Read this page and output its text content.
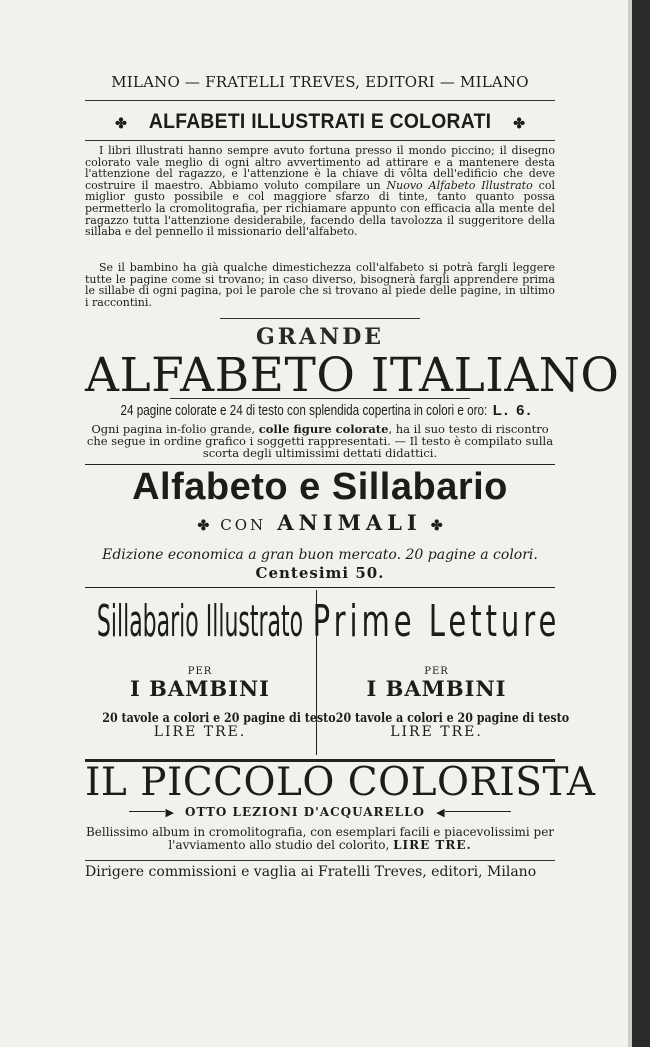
MILANO — FRATELLI TREVES, EDITORI — MILANO
✤ ALFABETI ILLUSTRATI E COLORATI ✤
I libri illustrati hanno sempre avuto fortuna presso il mondo piccino; il disegno colorato vale meglio di ogni altro avvertimento ad attirare e a mantenere desta l'attenzione del ragazzo, e l'attenzione è la chiave di vôlta dell'edificio che deve costruire il maestro. Abbiamo voluto compilare un Nuovo Alfabeto Illustrato col miglior gusto possibile e col maggiore sfarzo di tinte, tanto quanto possa permetterlo la cromolitografia, per richiamare appunto con efficacia alla mente del ragazzo tutta l'attenzione desiderabile, facendo della tavolozza il suggeritore della sillaba e del pennello il missionario dell'alfabeto.
Se il bambino ha già qualche dimestichezza coll'alfabeto si potrà fargli leggere tutte le pagine come si trovano; in caso diverso, bisognerà fargli apprendere prima le sillabe di ogni pagina, poi le parole che si trovano al piede delle pagine, in ultimo i raccontini.
GRANDE
ALFABETO ITALIANO
24 pagine colorate e 24 di testo con splendida copertina in colori e oro: L. 6.
Ogni pagina in-folio grande, colle figure colorate, ha il suo testo di riscontro che segue in ordine grafico i soggetti rappresentati. — Il testo è compilato sulla scorta degli ultimissimi dettati didattici.
Alfabeto e Sillabario
✤ CON ANIMALI ✤
Edizione economica a gran buon mercato. 20 pagine a colori.
Centesimi 50.
Sillabario Illustrato
PER
I BAMBINI
20 tavole a colori e 20 pagine di testo
LIRE TRE.
Prime Letture
PER
I BAMBINI
20 tavole a colori e 20 pagine di testo
LIRE TRE.
IL PICCOLO COLORISTA
▶ OTTO LEZIONI D'ACQUARELLO ◀
Bellissimo album in cromolitografia, con esemplari facili e piacevolissimi per l'avviamento allo studio del colorito, LIRE TRE.
Dirigere commissioni e vaglia ai Fratelli Treves, editori, Milano
